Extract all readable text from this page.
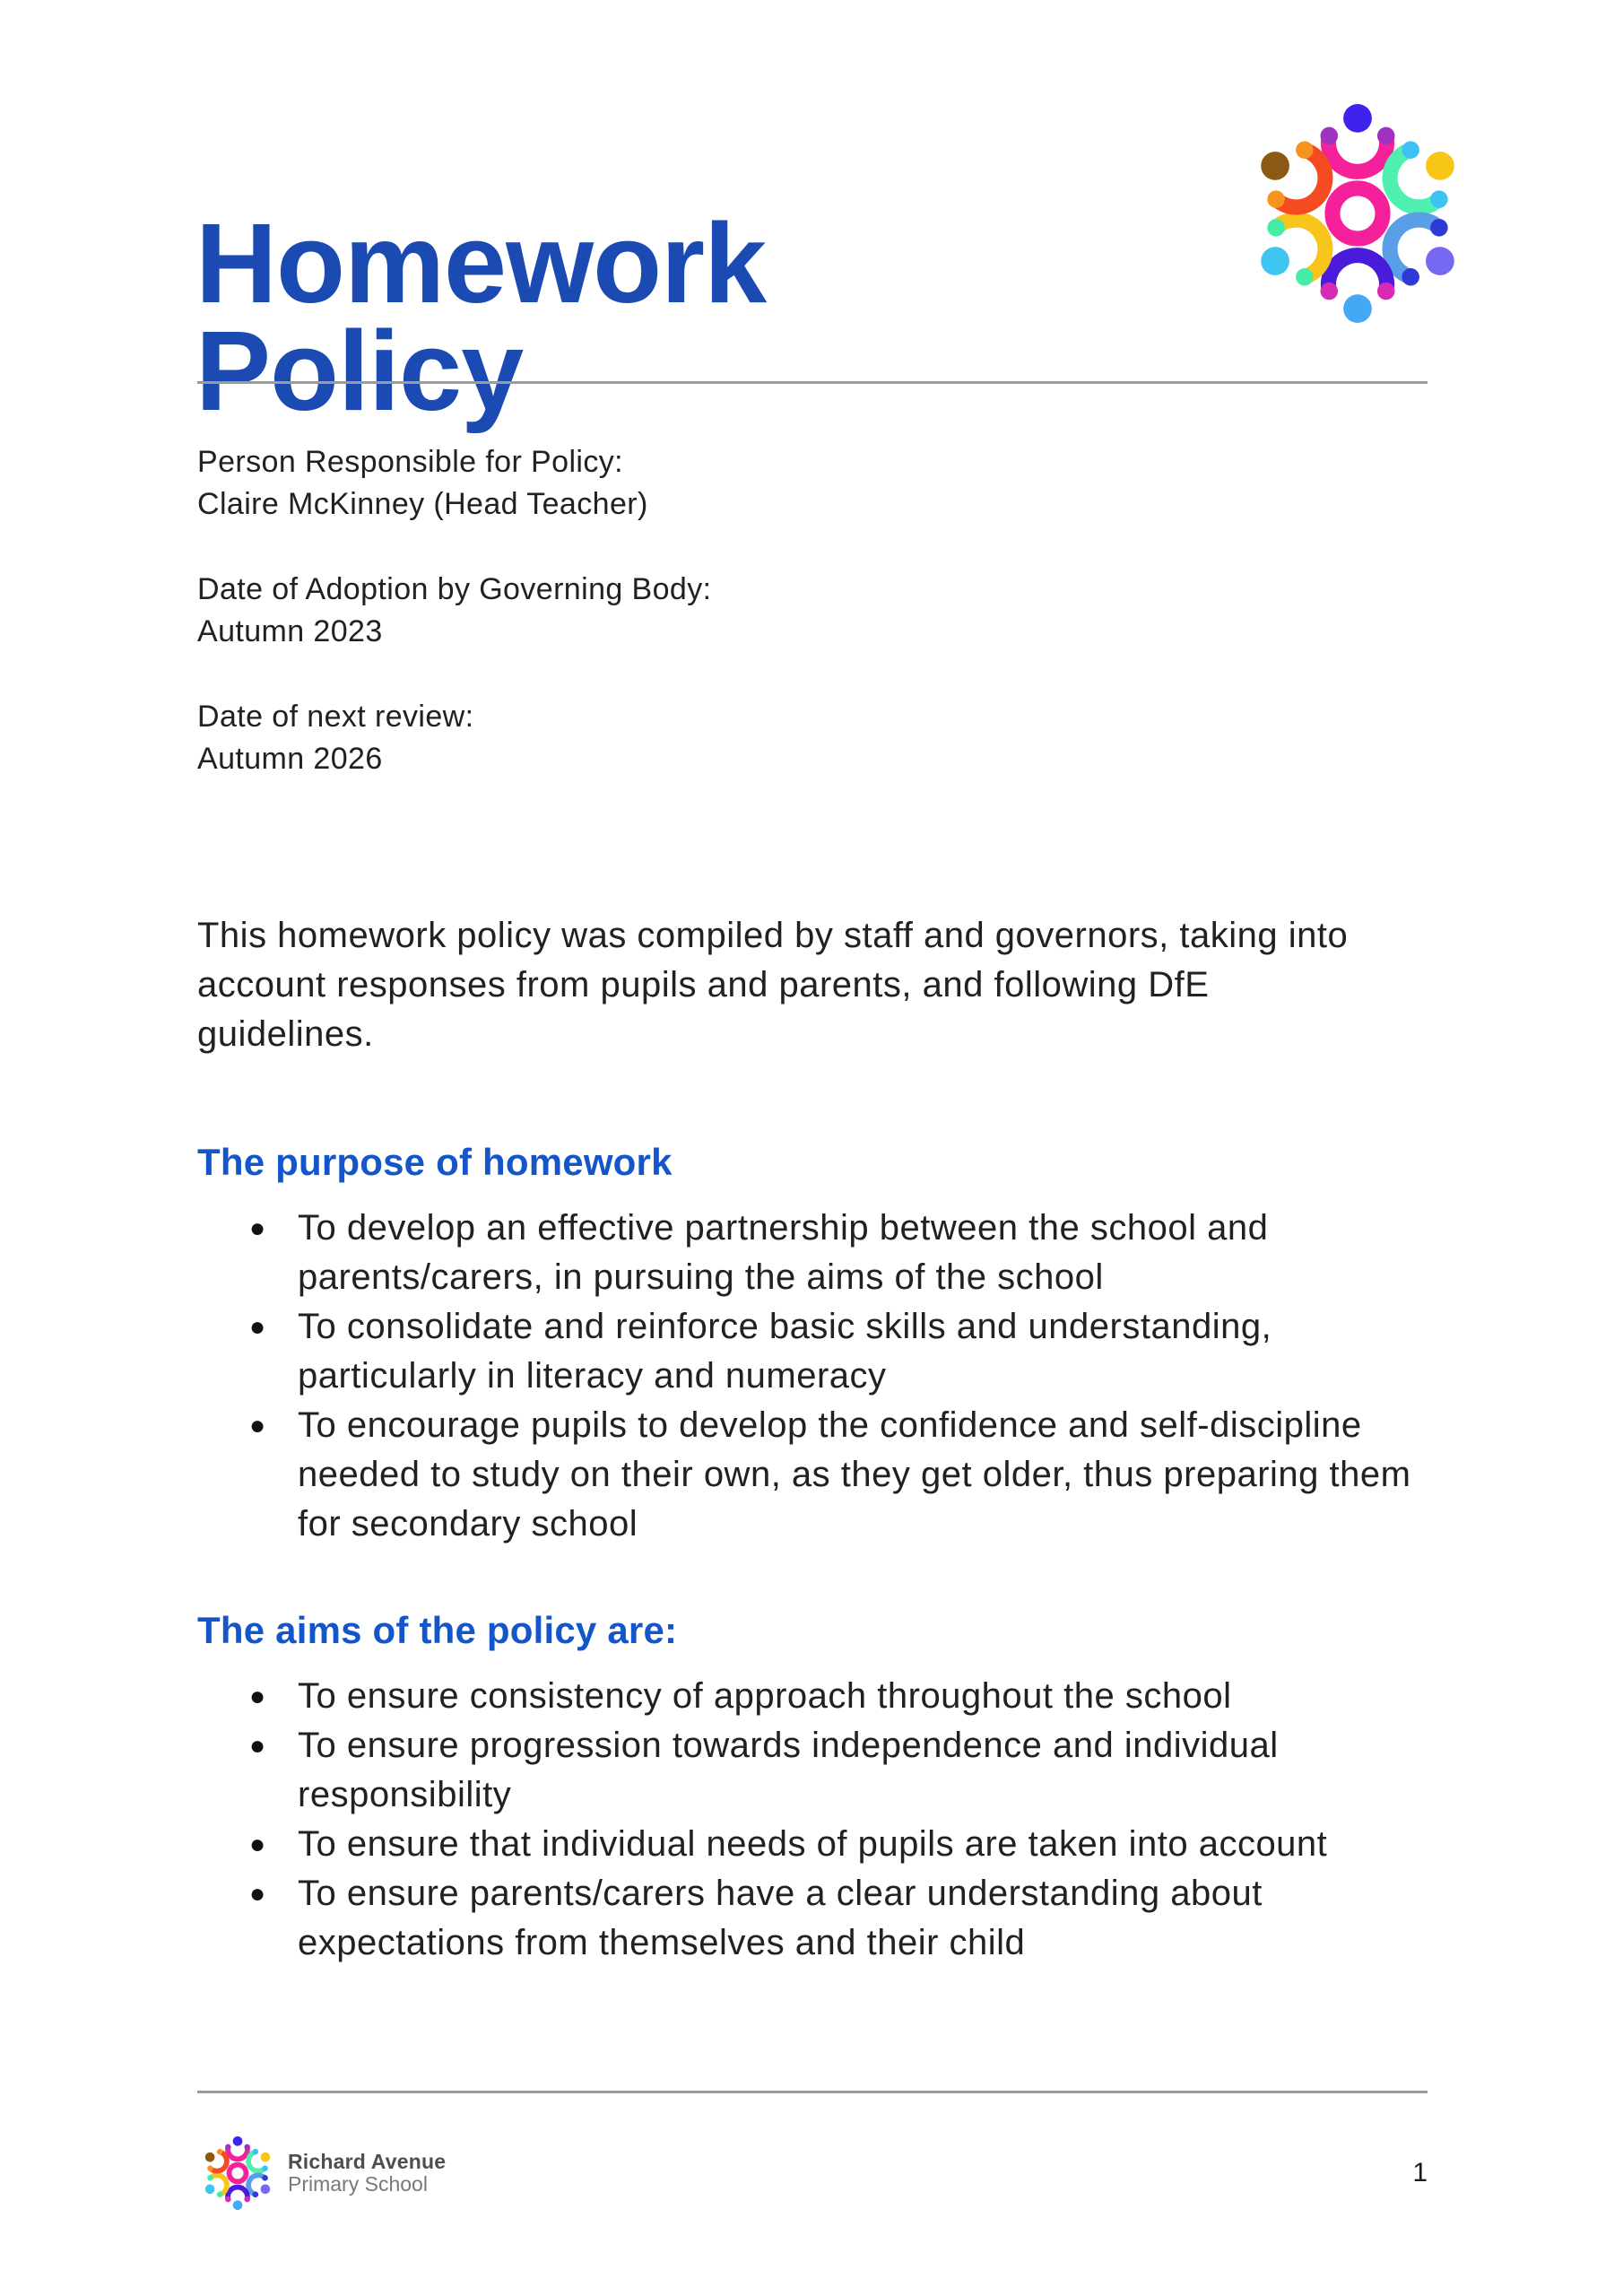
Homework
Policy
Person Responsible for Policy:
Claire McKinney (Head Teacher)
Date of Adoption by Governing Body:
Autumn 2023
Date of next review:
Autumn 2026

This homework policy was compiled by staff and governors, taking into account responses from pupils and parents, and following DfE guidelines.

The purpose of homework
● To develop an effective partnership between the school and parents/carers, in pursuing the aims of the school
● To consolidate and reinforce basic skills and understanding, particularly in literacy and numeracy
● To encourage pupils to develop the confidence and self-discipline needed to study on their own, as they get older, thus preparing them for secondary school
The aims of the policy are:
● To ensure consistency of approach throughout the school
● To ensure progression towards independence and individual responsibility
● To ensure that individual needs of pupils are taken into account
● To ensure parents/carers have a clear understanding about expectations from themselves and their child
Richard Avenue
Primary School	1
